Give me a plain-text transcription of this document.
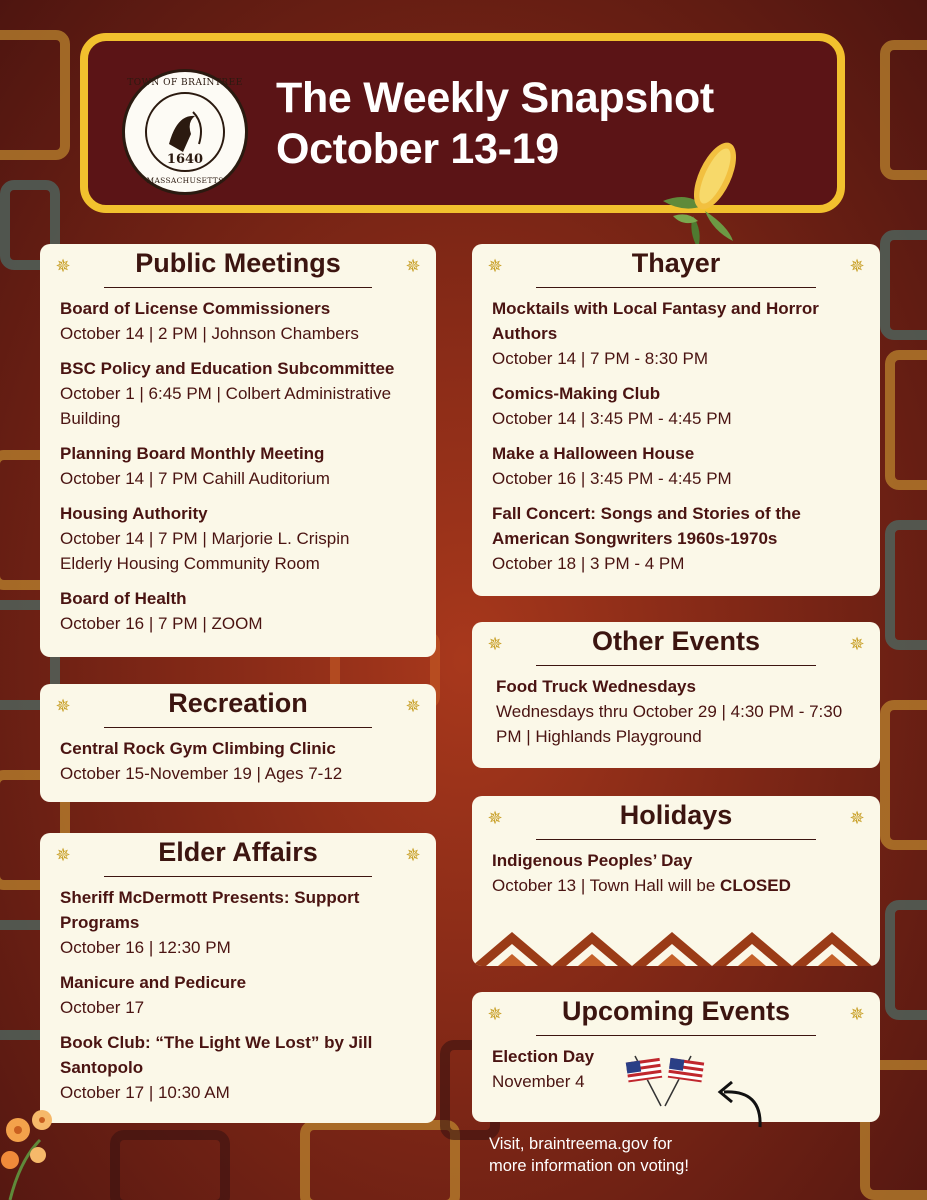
TOWN OF BRAINTREE
1640
MASSACHUSETTS
The Weekly Snapshot
October 13-19
✵	Public Meetings	✵
Board of License Commissioners
October 14 | 2 PM | Johnson Chambers
BSC Policy and Education Subcommittee
October 1 | 6:45 PM | Colbert Administrative Building
Planning Board Monthly Meeting
October 14 | 7 PM Cahill Auditorium
Housing Authority
October 14 | 7 PM | Marjorie L. Crispin Elderly Housing Community Room
Board of Health
October 16 | 7 PM | ZOOM
✵	Recreation	✵
Central Rock Gym Climbing Clinic
October 15-November 19 | Ages 7-12
✵	Elder Affairs	✵
Sheriff McDermott Presents: Support Programs
October 16 | 12:30 PM
Manicure and Pedicure
October 17
Book Club: “The Light We Lost” by Jill Santopolo
October 17 | 10:30 AM
✵	Thayer	✵
Mocktails with Local Fantasy and Horror Authors
October 14 | 7 PM - 8:30 PM
Comics-Making Club
October 14 | 3:45 PM - 4:45 PM
Make a Halloween House
October 16 | 3:45 PM - 4:45 PM
Fall Concert: Songs and Stories of the American Songwriters 1960s-1970s
October 18 | 3 PM - 4 PM
✵	Other Events	✵
Food Truck Wednesdays
Wednesdays thru October 29 | 4:30 PM - 7:30 PM | Highlands Playground
✵	Holidays	✵
Indigenous Peoples’ Day
October 13 | Town Hall will be CLOSED
✵	Upcoming Events	✵
Election Day
November 4
Visit, braintreema.gov for
more information on voting!
